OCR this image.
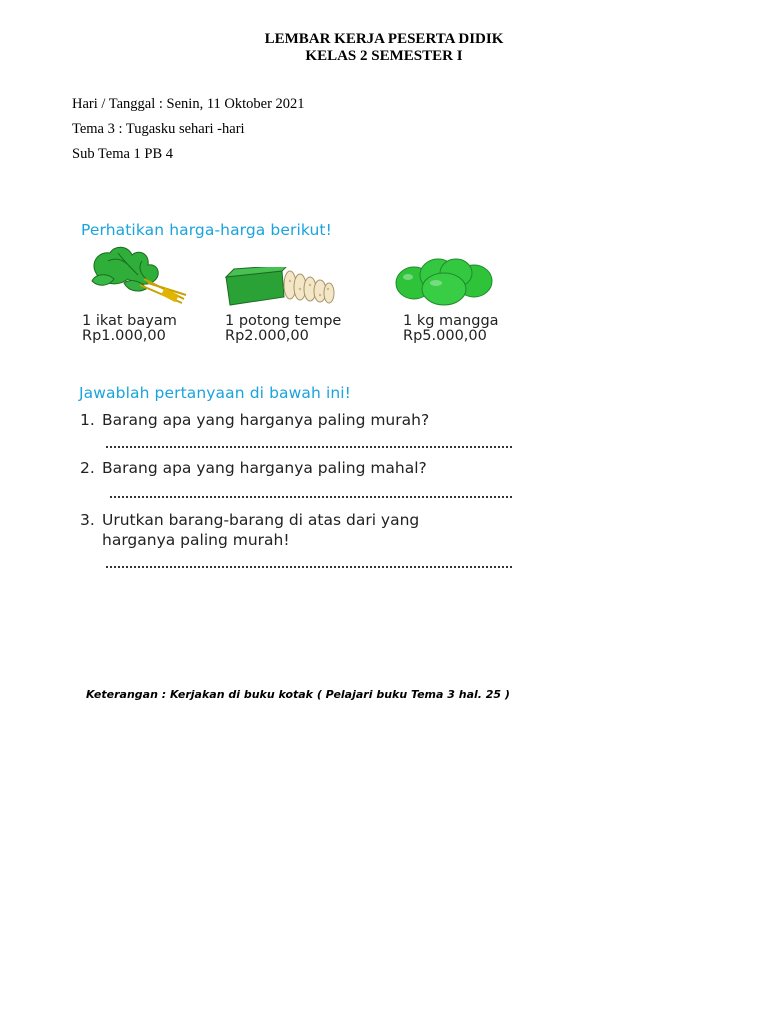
LEMBAR KERJA PESERTA DIDIK
KELAS 2 SEMESTER I
Hari / Tanggal : Senin, 11 Oktober 2021
Tema 3 : Tugasku sehari -hari
Sub Tema 1 PB 4
Perhatikan harga-harga berikut!
1 ikat bayam
Rp1.000,00
1 potong tempe
Rp2.000,00
1 kg mangga
Rp5.000,00
Jawablah pertanyaan di bawah ini!
1. Barang apa yang harganya paling murah?
2. Barang apa yang harganya paling mahal?
3. Urutkan barang-barang di atas dari yang
harganya paling murah!
Keterangan : Kerjakan di buku kotak ( Pelajari buku Tema 3 hal. 25 )
